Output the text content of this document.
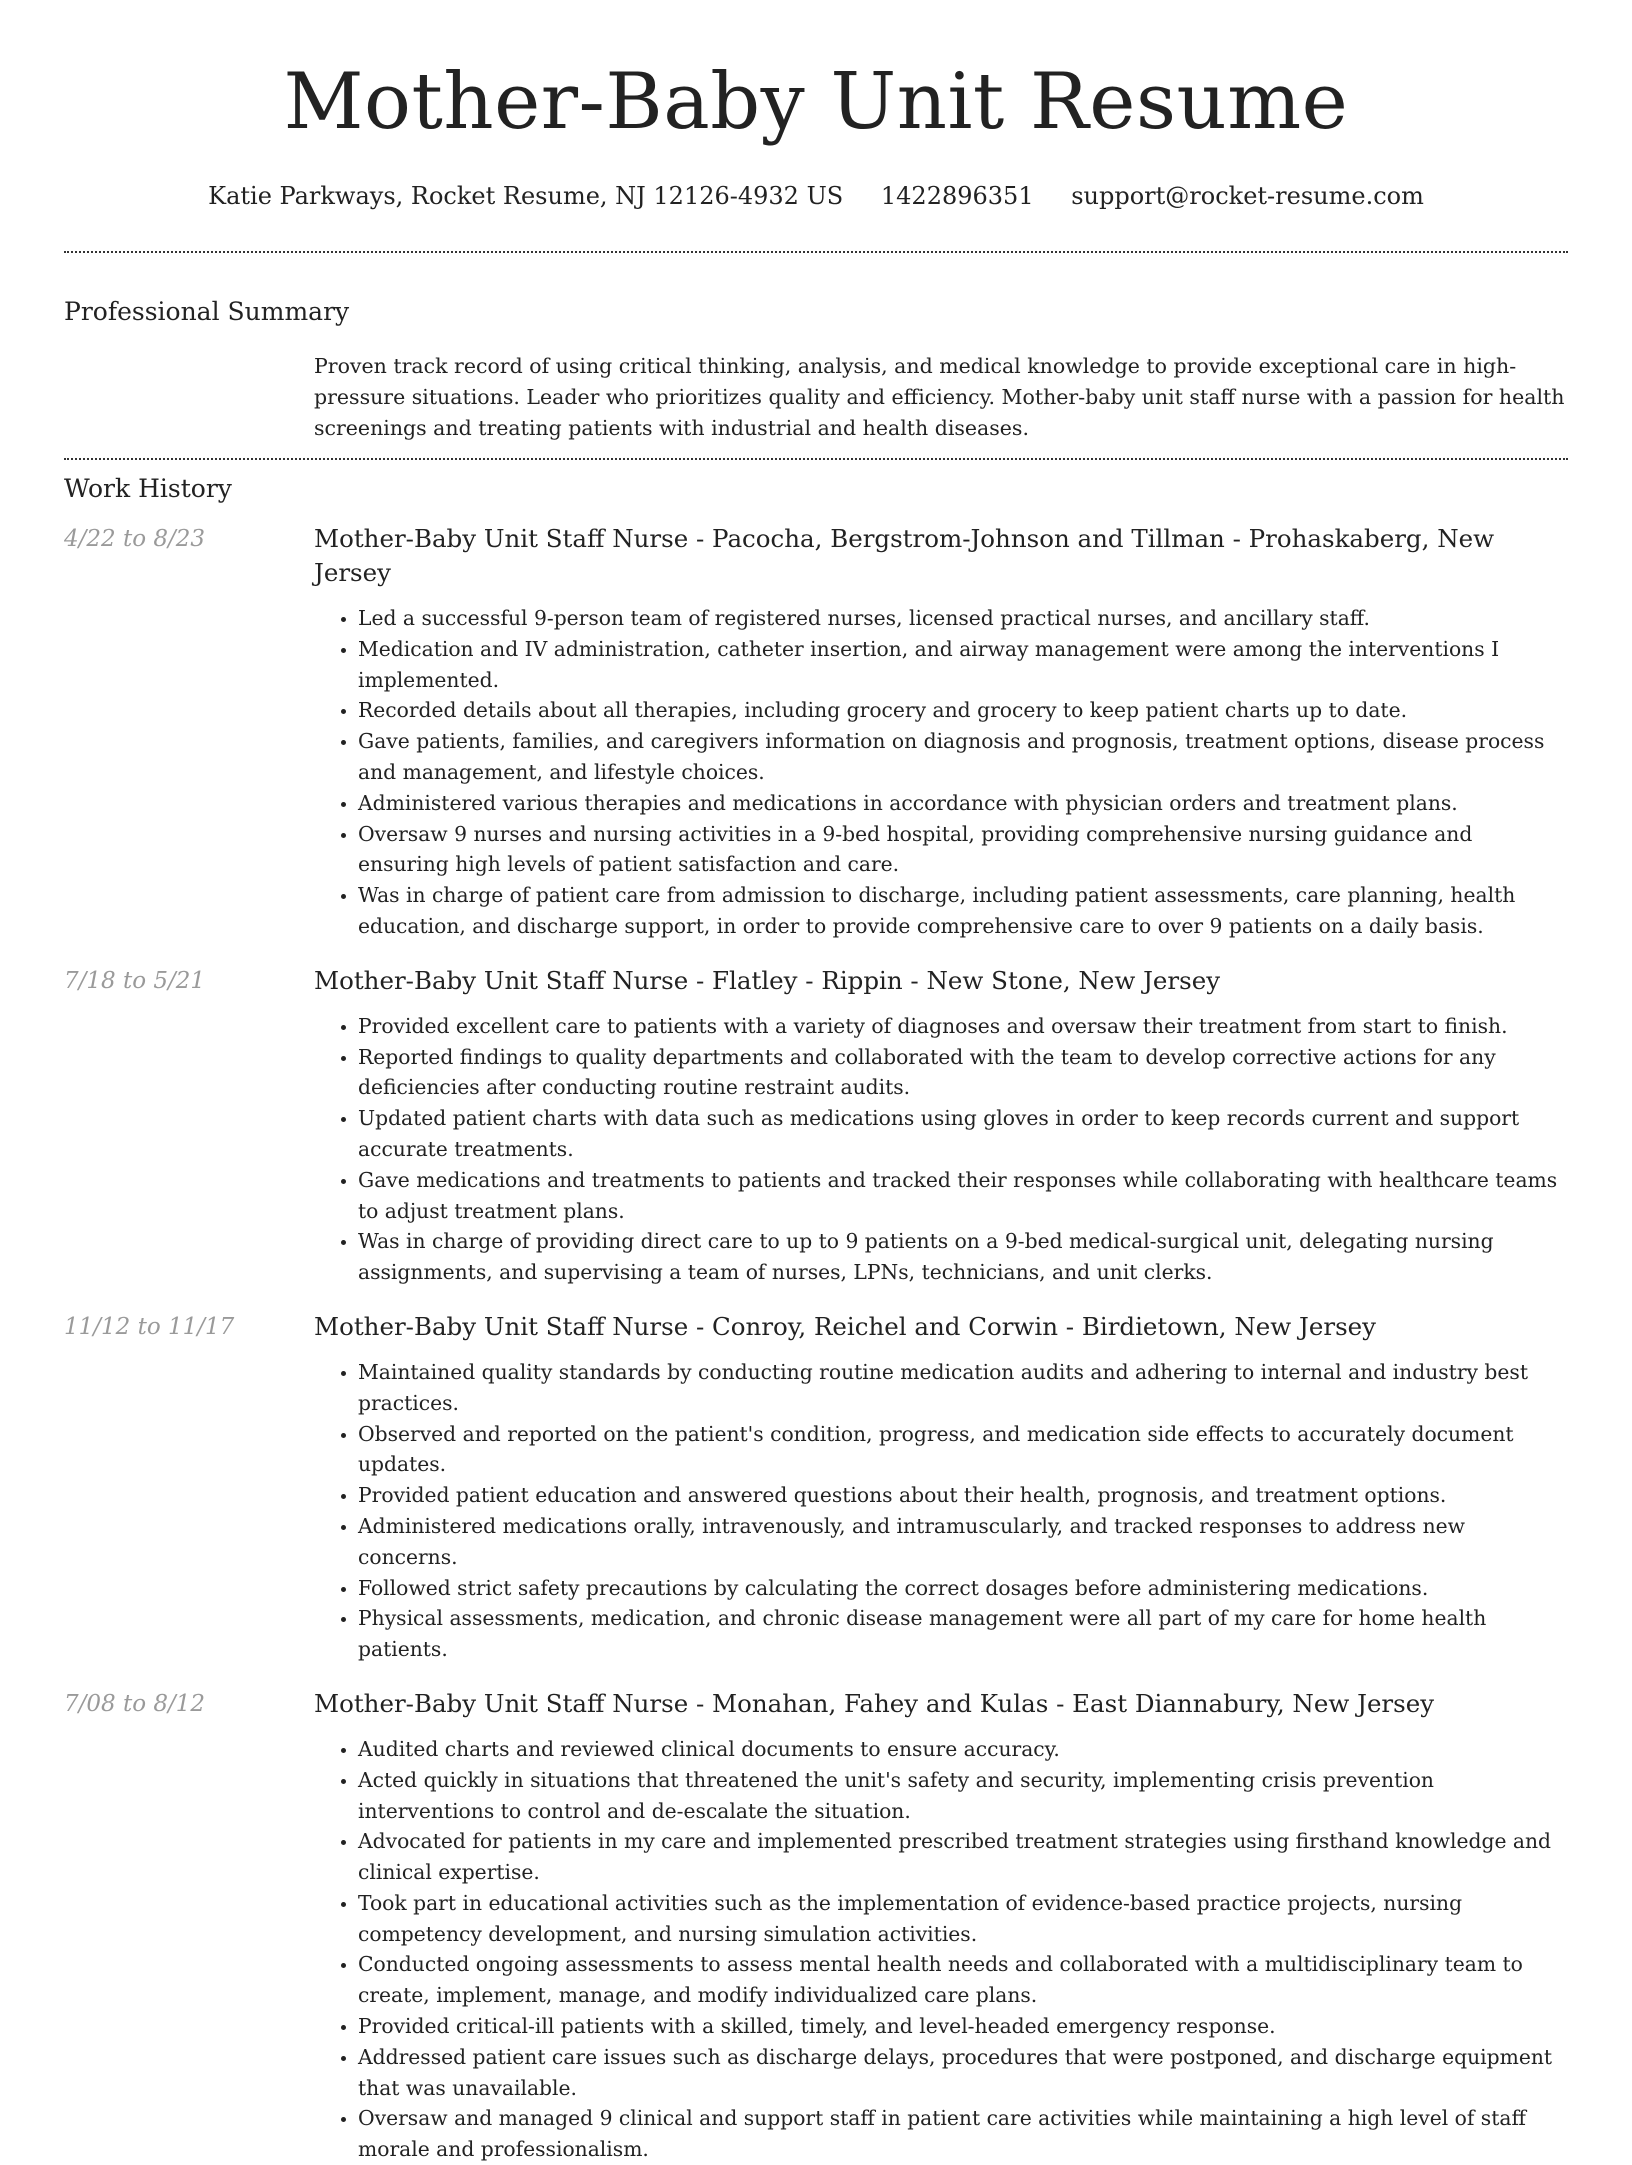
Mother-Baby Unit Resume
Katie Parkways, Rocket Resume, NJ 12126-4932 US 1422896351 support@rocket-resume.com
Professional Summary

Proven track record of using critical thinking, analysis, and medical knowledge to provide exceptional care in high-pressure situations. Leader who prioritizes quality and efficiency. Mother-baby unit staff nurse with a passion for health screenings and treating patients with industrial and health diseases.

Work History
4/22 to 8/23	Mother-Baby Unit Staff Nurse - Pacocha, Bergstrom-Johnson and Tillman - Prohaskaberg, New Jersey
• Led a successful 9-person team of registered nurses, licensed practical nurses, and ancillary staff.
• Medication and IV administration, catheter insertion, and airway management were among the interventions I implemented.
• Recorded details about all therapies, including grocery and grocery to keep patient charts up to date.
• Gave patients, families, and caregivers information on diagnosis and prognosis, treatment options, disease process and management, and lifestyle choices.
• Administered various therapies and medications in accordance with physician orders and treatment plans.
• Oversaw 9 nurses and nursing activities in a 9-bed hospital, providing comprehensive nursing guidance and ensuring high levels of patient satisfaction and care.
• Was in charge of patient care from admission to discharge, including patient assessments, care planning, health education, and discharge support, in order to provide comprehensive care to over 9 patients on a daily basis.
7/18 to 5/21	Mother-Baby Unit Staff Nurse - Flatley - Rippin - New Stone, New Jersey
• Provided excellent care to patients with a variety of diagnoses and oversaw their treatment from start to finish.
• Reported findings to quality departments and collaborated with the team to develop corrective actions for any deficiencies after conducting routine restraint audits.
• Updated patient charts with data such as medications using gloves in order to keep records current and support accurate treatments.
• Gave medications and treatments to patients and tracked their responses while collaborating with healthcare teams to adjust treatment plans.
• Was in charge of providing direct care to up to 9 patients on a 9-bed medical-surgical unit, delegating nursing assignments, and supervising a team of nurses, LPNs, technicians, and unit clerks.
11/12 to 11/17	Mother-Baby Unit Staff Nurse - Conroy, Reichel and Corwin - Birdietown, New Jersey
• Maintained quality standards by conducting routine medication audits and adhering to internal and industry best practices.
• Observed and reported on the patient's condition, progress, and medication side effects to accurately document updates.
• Provided patient education and answered questions about their health, prognosis, and treatment options.
• Administered medications orally, intravenously, and intramuscularly, and tracked responses to address new concerns.
• Followed strict safety precautions by calculating the correct dosages before administering medications.
• Physical assessments, medication, and chronic disease management were all part of my care for home health patients.
7/08 to 8/12	Mother-Baby Unit Staff Nurse - Monahan, Fahey and Kulas - East Diannabury, New Jersey
• Audited charts and reviewed clinical documents to ensure accuracy.
• Acted quickly in situations that threatened the unit's safety and security, implementing crisis prevention interventions to control and de-escalate the situation.
• Advocated for patients in my care and implemented prescribed treatment strategies using firsthand knowledge and clinical expertise.
• Took part in educational activities such as the implementation of evidence-based practice projects, nursing competency development, and nursing simulation activities.
• Conducted ongoing assessments to assess mental health needs and collaborated with a multidisciplinary team to create, implement, manage, and modify individualized care plans.
• Provided critical-ill patients with a skilled, timely, and level-headed emergency response.
• Addressed patient care issues such as discharge delays, procedures that were postponed, and discharge equipment that was unavailable.
• Oversaw and managed 9 clinical and support staff in patient care activities while maintaining a high level of staff morale and professionalism.
